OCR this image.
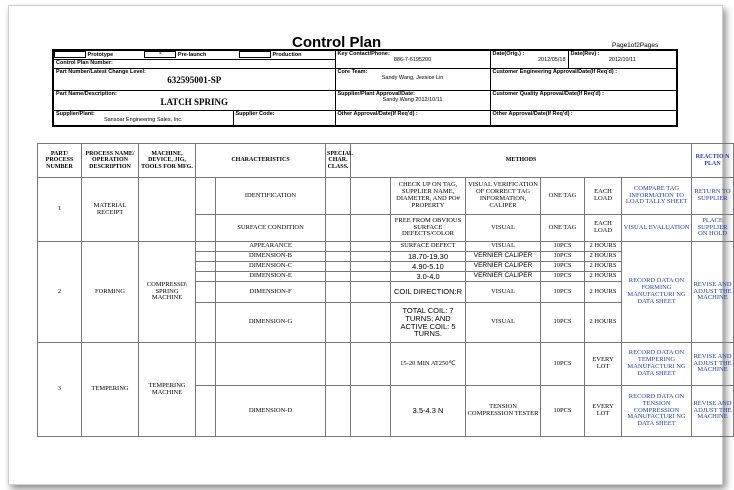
Control Plan	Page1of2Pages
Prototype	×	Pre-launch	Production
		Key Contact/Phone:
886-7-6195200
	Date(Orig.) :
2012/05/18
	Date(Rev) :
2012/10/11

Control Plan Number:
Part Number/Latest Change Level:
632595001-SP
	Core Team:
Sandy Wang, Jessice Lin
	Customer Engineering Approval/Date(If Req'd) :
Part Name/Description:
LATCH SPRING
	Supplier/Plant Approval/Date:
Sandy Wang 2012/10/11
	Customer Quality Approval/Date(If Req'd) :
Supplier/Plant:
Sansoar Engineering Sales, Inc.
	Supplier Code:	Other Approval/Date(If Req'd) :	Other Approval/Date(If Req'd) :
PART/ PROCESS NUMBER	PROCESS NAME/ OPERATION DESCRIPTION	MACHINE, DEVICE, JIG, TOOLS FOR MFG.	CHARACTERISTICS		SPECIAL CHAR. CLASS.	METHODS						REACTIO N PLAN
1	MATERIAL RECEIPT			IDENTIFICATION			CHECK UP ON TAG, SUPPLIER NAME, DIAMETER, AND PO# PROPERTY	VISUAL VERIFICATION OF CORRECT TAG INFORMATION, CALIPER	ONE TAG	EACH LOAD	COMPARE TAG INFORMATION TO LOAD TALLY SHEET	RETURN TO SUPPLIER
				SURFACE CONDITION			FREE FROM OBVIOUS SURFACE DEFECTS/COLOR	VISUAL	ONE TAG	EACH LOAD	VISUAL EVALUATION	PLACE SUPPLIER ON HOLD
2	FORMING	COMPRESSD\ SPRING MACHINE		APPEARANCE			SURFACE DEFECT	VISUAL	10PCS	2 HOURS	RECORD DATA ON FORMING MANUFACTURI NG DATA SHEET	REVISE AND ADJUST THE MACHINE
				DIMENSION-B			18.70-19.30	VERNIER CALIPER	10PCS	2 HOURS		
				DIMENSION-C			4.90-5.10	VERNIER CALIPER	10PCS	2 HOURS		
				DIMENSION-E			3.0-4.0	VERNIER CALIPER	10PCS	2 HOURS		
				DIMENSION-F			COIL DIRECTION:R	VISUAL	10PCS	2 HOURS		
				DIMENSION-G			TOTAL COIL: 7 TURNS; AND ACTIVE COIL: 5 TURNS.	VISUAL	10PCS	2 HOURS		
3	TEMPERING	TEMPERING MACHINE					15-20 MIN AT250℃		10PCS	EVERY LOT	RECORD DATA ON TEMPERING MANUFACTURI NG DATA SHEET	REVISE AND ADJUST THE MACHINE
				DIMENSION-D			3.5-4.3 N	TENSION COMPRESSION TESTER	10PCS	EVERY LOT	RECORD DATA ON TENSION COMPRESSION MANUFACTURI NG DATA SHEET	REVISE AND ADJUST THE MACHINE
